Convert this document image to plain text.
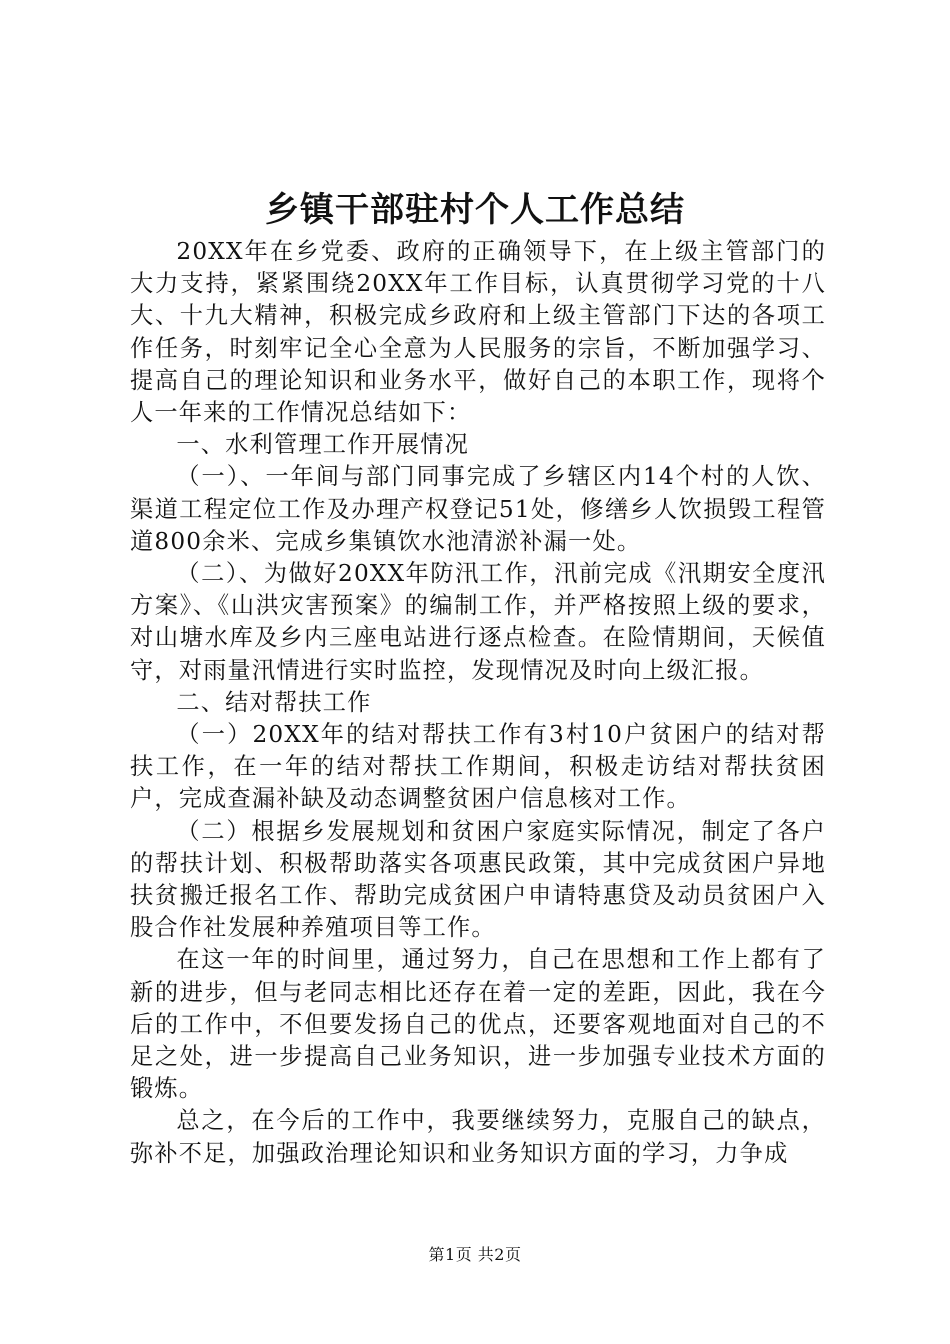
乡镇干部驻村个人工作总结

20XX年在乡党委、政府的正确领导下，在上级主管部门的大力支持，紧紧围绕20XX年工作目标，认真贯彻学习党的十八大、十九大精神，积极完成乡政府和上级主管部门下达的各项工作任务，时刻牢记全心全意为人民服务的宗旨，不断加强学习、提高自己的理论知识和业务水平，做好自己的本职工作，现将个人一年来的工作情况总结如下：

一、水利管理工作开展情况

（一）、一年间与部门同事完成了乡辖区内14个村的人饮、渠道工程定位工作及办理产权登记51处，修缮乡人饮损毁工程管道800余米、完成乡集镇饮水池清淤补漏一处。

（二）、为做好20XX年防汛工作，汛前完成《汛期安全度汛方案》、《山洪灾害预案》的编制工作，并严格按照上级的要求，对山塘水库及乡内三座电站进行逐点检查。在险情期间，天候值守，对雨量汛情进行实时监控，发现情况及时向上级汇报。

二、结对帮扶工作

（一）20XX年的结对帮扶工作有3村10户贫困户的结对帮扶工作，在一年的结对帮扶工作期间，积极走访结对帮扶贫困户，完成查漏补缺及动态调整贫困户信息核对工作。

（二）根据乡发展规划和贫困户家庭实际情况，制定了各户的帮扶计划、积极帮助落实各项惠民政策，其中完成贫困户异地扶贫搬迁报名工作、帮助完成贫困户申请特惠贷及动员贫困户入股合作社发展种养殖项目等工作。

在这一年的时间里，通过努力，自己在思想和工作上都有了新的进步，但与老同志相比还存在着一定的差距，因此，我在今后的工作中，不但要发扬自己的优点，还要客观地面对自己的不足之处，进一步提高自己业务知识，进一步加强专业技术方面的锻炼。

总之，在今后的工作中，我要继续努力，克服自己的缺点，弥补不足，加强政治理论知识和业务知识方面的学习，力争成

第1页 共2页
